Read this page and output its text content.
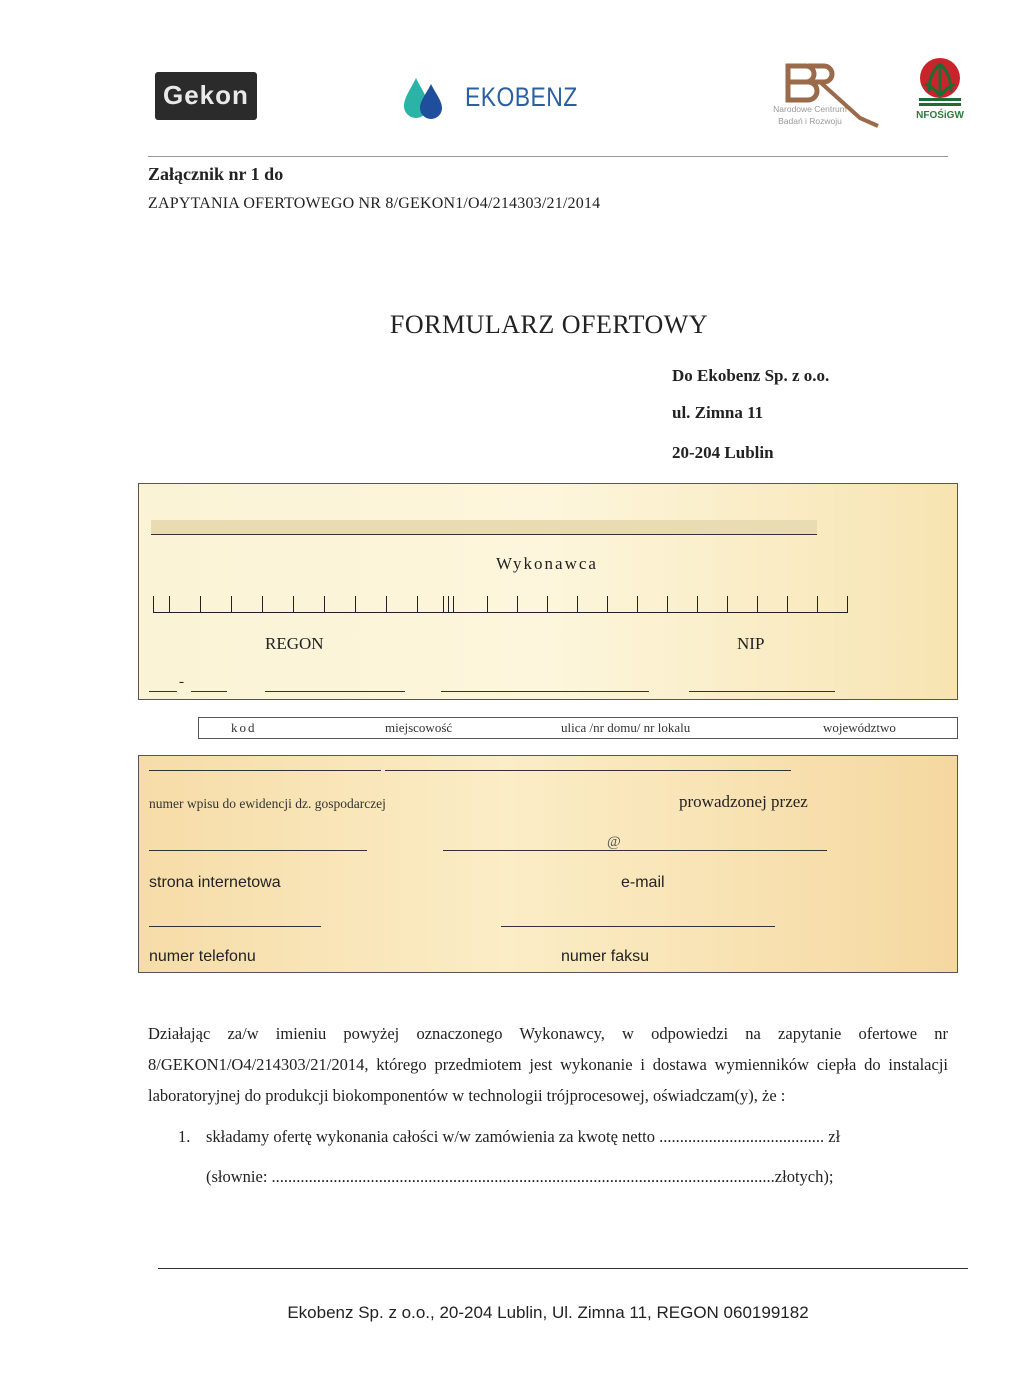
Gekon	EKOBENZ	Narodowe Centrum
Badań i Rozwoju	NFOŚiGW
Załącznik nr 1 do
ZAPYTANIA OFERTOWEGO NR 8/GEKON1/O4/214303/21/2014
FORMULARZ OFERTOWY
Do Ekobenz Sp. z o.o.
ul. Zimna 11
20-204 Lublin
Wykonawca
REGON	NIP
-
kod	miejscowość	ulica /nr domu/ nr lokalu	województwo
numer wpisu do ewidencji dz. gospodarczej	prowadzonej przez
@
strona internetowa	e-mail
numer telefonu	numer faksu
Działając za/w imieniu powyżej oznaczonego Wykonawcy, w odpowiedzi na zapytanie ofertowe nr 8/GEKON1/O4/214303/21/2014, którego przedmiotem jest wykonanie i dostawa wymienników ciepła do instalacji laboratoryjnej do produkcji biokomponentów w technologii trójprocesowej, oświadczam(y), że :
1. składamy ofertę wykonania całości w/w zamówienia za kwotę netto ........................................ zł
(słownie: ..........................................................................................................................złotych);
Ekobenz Sp. z o.o., 20-204 Lublin, Ul. Zimna 11, REGON 060199182
